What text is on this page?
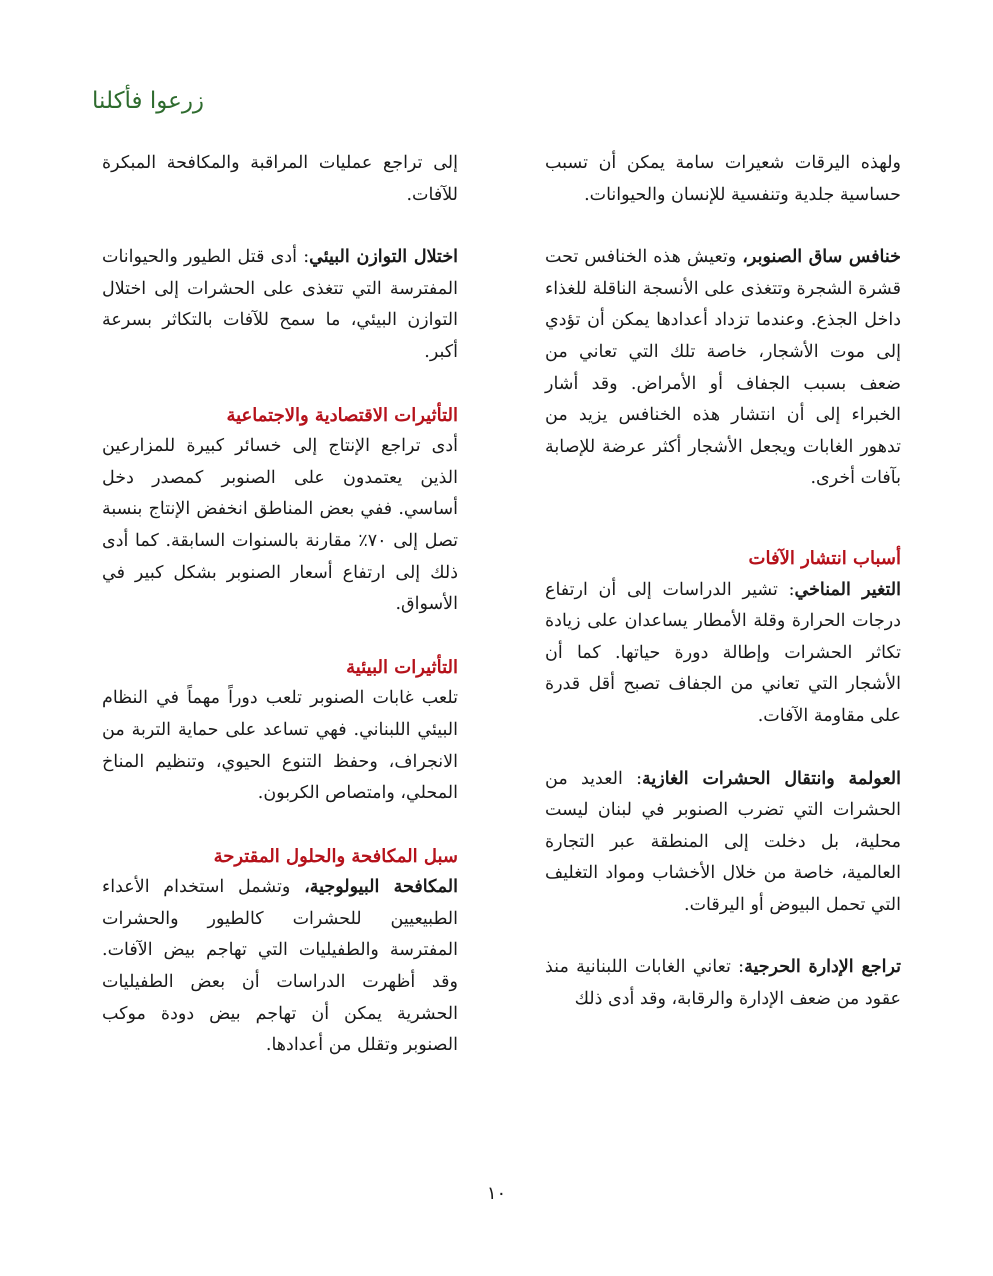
زرعوا فأكلنا

ولهذه اليرقات شعيرات سامة يمكن أن تسبب حساسية جلدية وتنفسية للإنسان والحيوانات.

خنافس ساق الصنوبر، وتعيش هذه الخنافس تحت قشرة الشجرة وتتغذى على الأنسجة الناقلة للغذاء داخل الجذع. وعندما تزداد أعدادها يمكن أن تؤدي إلى موت الأشجار، خاصة تلك التي تعاني من ضعف بسبب الجفاف أو الأمراض. وقد أشار الخبراء إلى أن انتشار هذه الخنافس يزيد من تدهور الغابات ويجعل الأشجار أكثر عرضة للإصابة بآفات أخرى.

أسباب انتشار الآفات

التغير المناخي: تشير الدراسات إلى أن ارتفاع درجات الحرارة وقلة الأمطار يساعدان على زيادة تكاثر الحشرات وإطالة دورة حياتها. كما أن الأشجار التي تعاني من الجفاف تصبح أقل قدرة على مقاومة الآفات.

العولمة وانتقال الحشرات الغازية: العديد من الحشرات التي تضرب الصنوبر في لبنان ليست محلية، بل دخلت إلى المنطقة عبر التجارة العالمية، خاصة من خلال الأخشاب ومواد التغليف التي تحمل البيوض أو اليرقات.

تراجع الإدارة الحرجية: تعاني الغابات اللبنانية منذ عقود من ضعف الإدارة والرقابة، وقد أدى ذلك

إلى تراجع عمليات المراقبة والمكافحة المبكرة للآفات.

اختلال التوازن البيئي: أدى قتل الطيور والحيوانات المفترسة التي تتغذى على الحشرات إلى اختلال التوازن البيئي، ما سمح للآفات بالتكاثر بسرعة أكبر.

التأثيرات الاقتصادية والاجتماعية

أدى تراجع الإنتاج إلى خسائر كبيرة للمزارعين الذين يعتمدون على الصنوبر كمصدر دخل أساسي. ففي بعض المناطق انخفض الإنتاج بنسبة تصل إلى ٧٠٪ مقارنة بالسنوات السابقة. كما أدى ذلك إلى ارتفاع أسعار الصنوبر بشكل كبير في الأسواق.

التأثيرات البيئية

تلعب غابات الصنوبر تلعب دوراً مهماً في النظام البيئي اللبناني. فهي تساعد على حماية التربة من الانجراف، وحفظ التنوع الحيوي، وتنظيم المناخ المحلي، وامتصاص الكربون.

سبل المكافحة والحلول المقترحة

المكافحة البيولوجية، وتشمل استخدام الأعداء الطبيعيين للحشرات كالطيور والحشرات المفترسة والطفيليات التي تهاجم بيض الآفات. وقد أظهرت الدراسات أن بعض الطفيليات الحشرية يمكن أن تهاجم بيض دودة موكب الصنوبر وتقلل من أعدادها.

١٠
